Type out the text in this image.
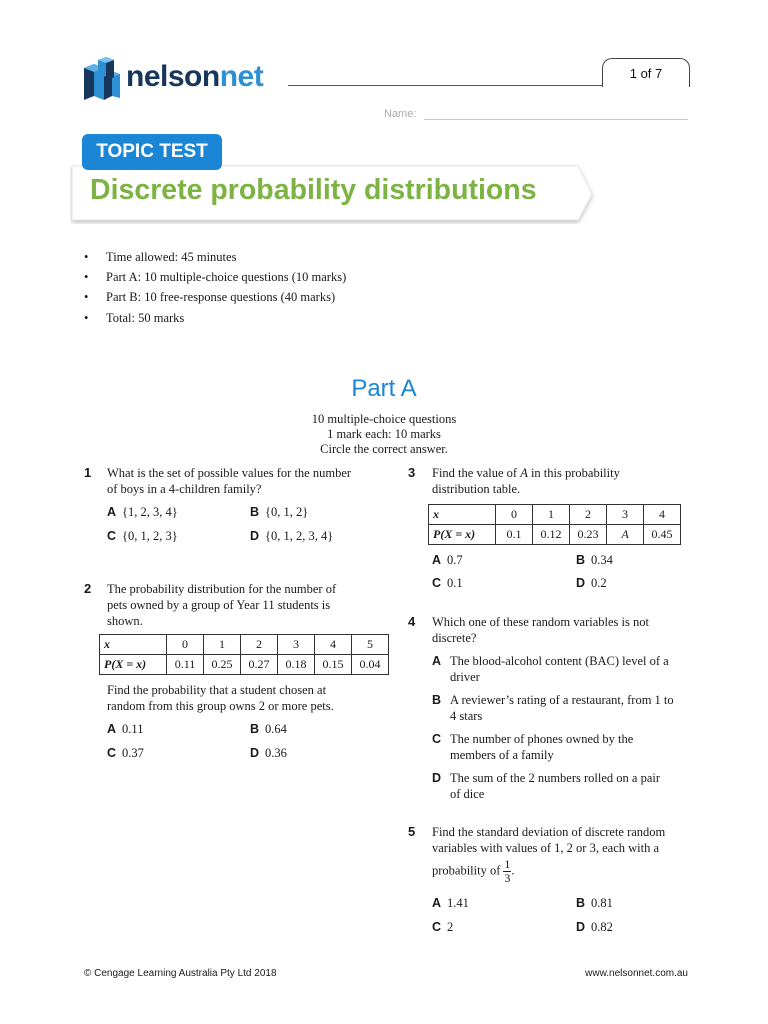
nelsonnet	1 of 7
Name:
TOPIC TEST
Discrete probability distributions
• Time allowed: 45 minutes
• Part A: 10 multiple-choice questions (10 marks)
• Part B: 10 free-response questions (40 marks)
• Total: 50 marks
Part A
10 multiple-choice questions
1 mark each: 10 marks
Circle the correct answer.
1 What is the set of possible values for the number
of boys in a 4-children family?
A {1, 2, 3, 4}	B {0, 1, 2}
C {0, 1, 2, 3}	D {0, 1, 2, 3, 4}
2 The probability distribution for the number of
pets owned by a group of Year 11 students is
shown.
x	0	1	2	3	4	5
P(X = x)	0.11	0.25	0.27	0.18	0.15	0.04
Find the probability that a student chosen at
random from this group owns 2 or more pets.
A 0.11	B 0.64
C 0.37	D 0.36
3 Find the value of A in this probability
distribution table.
x	0	1	2	3	4
P(X = x)	0.1	0.12	0.23	A	0.45
A 0.7	B 0.34
C 0.1	D 0.2
4 Which one of these random variables is not
discrete?
A The blood-alcohol content (BAC) level of a
driver
B A reviewer’s rating of a restaurant, from 1 to
4 stars
C The number of phones owned by the
members of a family
D The sum of the 2 numbers rolled on a pair
of dice
5 Find the standard deviation of discrete random
variables with values of 1, 2 or 3, each with a
probability of $\frac{1}{3}$ .
A 1.41	B 0.81
C 2	D 0.82
© Cengage Learning Australia Pty Ltd 2018	www.nelsonnet.com.au
